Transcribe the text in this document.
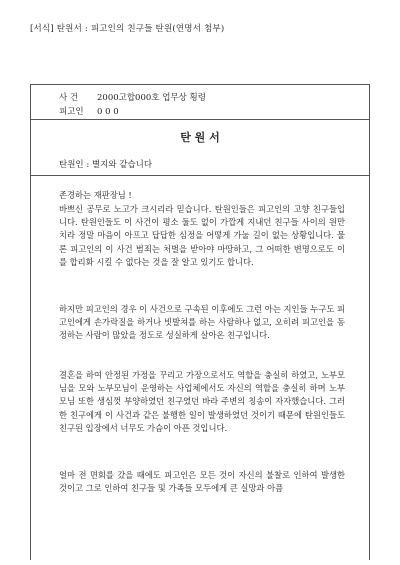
[서식] 탄원서 : 피고인의 친구들 탄원(연명서 첨부)
사 건 2000고합000호 업무상 횡령
피고인 0 0 0
탄 원 서
탄원인 : 별지와 같습니다
존경하는 재판장님 !

바쁘신 공무로 노고가 크시리라 믿습니다. 탄원인들은 피고인의 고향 친구들입니다. 탄원인들도 이 사건이 평소 둘도 없이 가깝게 지내던 친구들 사이의 원만치라 정말 마음이 아프고 답답한 심정을 어떻게 가눌 길이 없는 상황입니다. 물론 피고인의 이 사건 범죄는 처벌을 받아야 마땅하고, 그 어떠한 변명으로도 이를 합리화 시킬 수 없다는 것을 잘 알고 있기도 합니다.

하지만 피고인의 경우 이 사건으로 구속된 이후에도 그런 아는 지인들 누구도 피고인에게 손가락질을 하거나 빗발쳐를 하는 사람하나 없고, 오히려 피고인을 동정하는 사람이 많았을 정도로 성실하게 살아온 친구입니다.

결혼을 하여 안정된 가정을 꾸리고 가장으로서도 역할을 충실히 하였고, 노부모님을 모와 노부모님이 운영하는 사업체에서도 자신의 역할을 충실히 하며 노부모님 또한 생심껏 부양하였던 친구였던 바라 주변의 칭송이 자자했습니다. 그러한 친구에게 이 사건과 같은 불행한 일이 발생하였던 것이기 때문에 탄원인들도 친구된 입장에서 너무도 가슴이 아픈 것입니다.

얼마 전 면회를 갔을 때에도 피고인은 모든 것이 자신의 불찰로 인하여 발생한 것이고 그로 인하여 친구들 및 가족들 모두에게 큰 실망과 아픔
